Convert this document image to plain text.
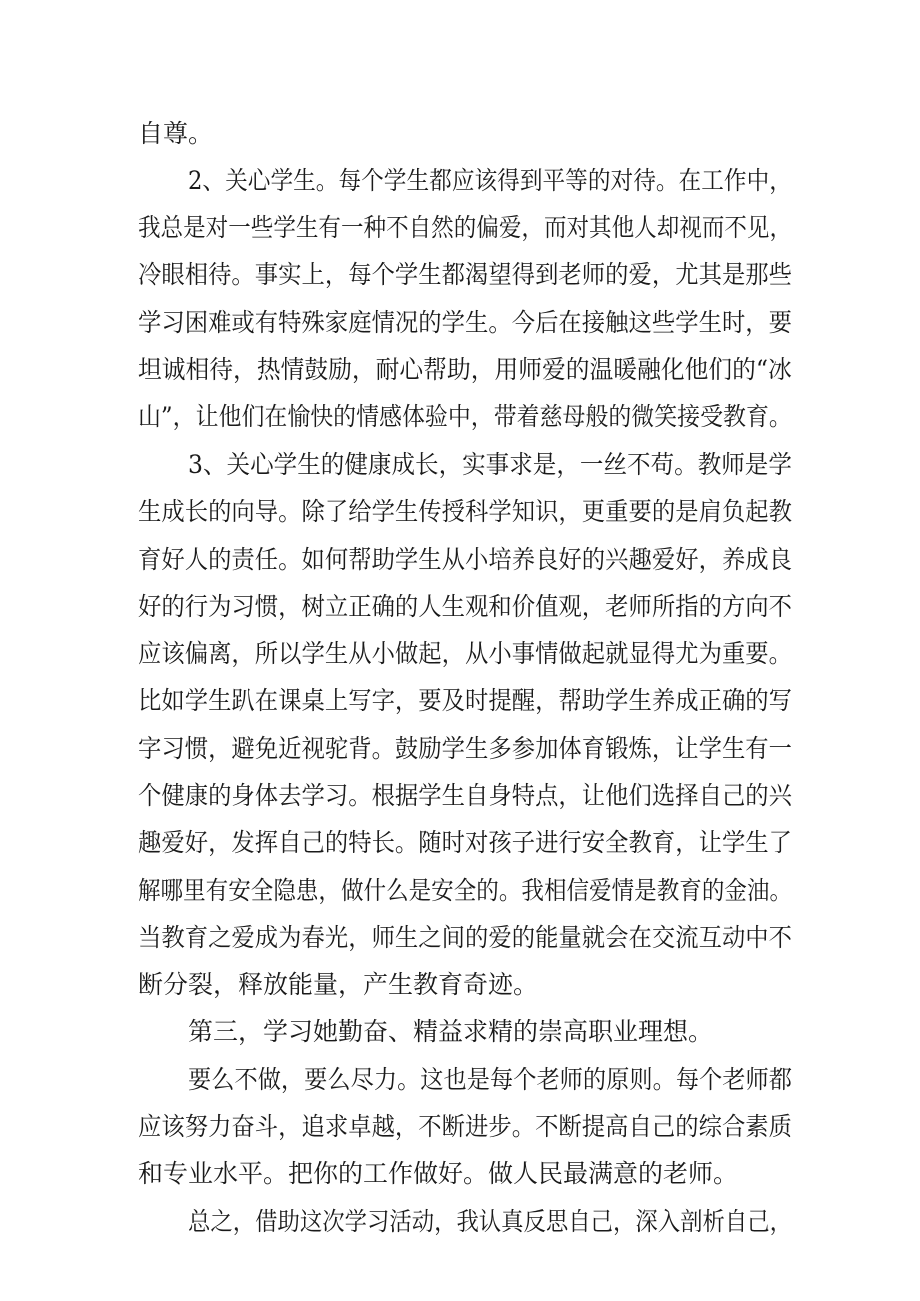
自尊。
2、关心学生。每个学生都应该得到平等的对待。在工作中，
我总是对一些学生有一种不自然的偏爱，而对其他人却视而不见，
冷眼相待。事实上，每个学生都渴望得到老师的爱，尤其是那些
学习困难或有特殊家庭情况的学生。今后在接触这些学生时，要
坦诚相待，热情鼓励，耐心帮助，用师爱的温暖融化他们的“冰
山”，让他们在愉快的情感体验中，带着慈母般的微笑接受教育。
3、关心学生的健康成长，实事求是，一丝不苟。教师是学
生成长的向导。除了给学生传授科学知识，更重要的是肩负起教
育好人的责任。如何帮助学生从小培养良好的兴趣爱好，养成良
好的行为习惯，树立正确的人生观和价值观，老师所指的方向不
应该偏离，所以学生从小做起，从小事情做起就显得尤为重要。
比如学生趴在课桌上写字，要及时提醒，帮助学生养成正确的写
字习惯，避免近视驼背。鼓励学生多参加体育锻炼，让学生有一
个健康的身体去学习。根据学生自身特点，让他们选择自己的兴
趣爱好，发挥自己的特长。随时对孩子进行安全教育，让学生了
解哪里有安全隐患，做什么是安全的。我相信爱情是教育的金油。
当教育之爱成为春光，师生之间的爱的能量就会在交流互动中不
断分裂，释放能量，产生教育奇迹。
第三，学习她勤奋、精益求精的崇高职业理想。
要么不做，要么尽力。这也是每个老师的原则。每个老师都
应该努力奋斗，追求卓越，不断进步。不断提高自己的综合素质
和专业水平。把你的工作做好。做人民最满意的老师。
总之，借助这次学习活动，我认真反思自己，深入剖析自己，
